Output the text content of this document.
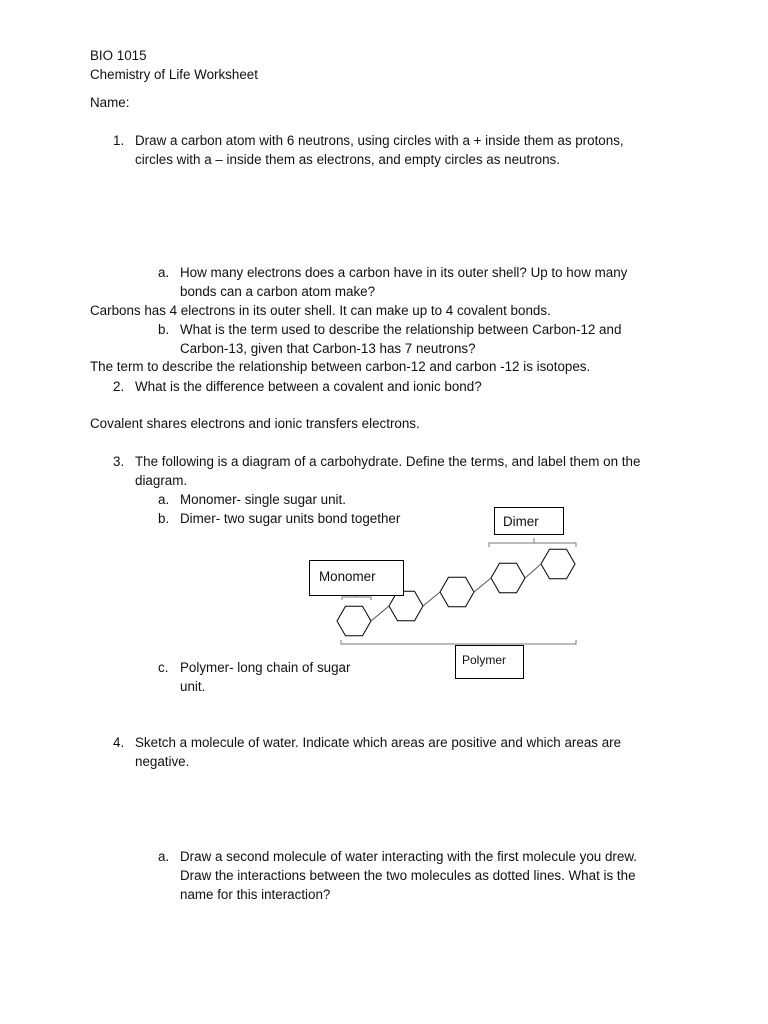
BIO 1015
Chemistry of Life Worksheet
Name:
1. Draw a carbon atom with 6 neutrons, using circles with a + inside them as protons,
circles with a – inside them as electrons, and empty circles as neutrons.
a. How many electrons does a carbon have in its outer shell? Up to how many
bonds can a carbon atom make?
Carbons has 4 electrons in its outer shell. It can make up to 4 covalent bonds.
b. What is the term used to describe the relationship between Carbon-12 and
Carbon-13, given that Carbon-13 has 7 neutrons?
The term to describe the relationship between carbon-12 and carbon -12 is isotopes.
2. What is the difference between a covalent and ionic bond?
Covalent shares electrons and ionic transfers electrons.
3. The following is a diagram of a carbohydrate. Define the terms, and label them on the
diagram.
a. Monomer- single sugar unit.
b. Dimer- two sugar units bond together
Monomer
Dimer
Polymer
c. Polymer- long chain of sugar
unit.
4. Sketch a molecule of water. Indicate which areas are positive and which areas are
negative.
a. Draw a second molecule of water interacting with the first molecule you drew.
Draw the interactions between the two molecules as dotted lines. What is the
name for this interaction?
